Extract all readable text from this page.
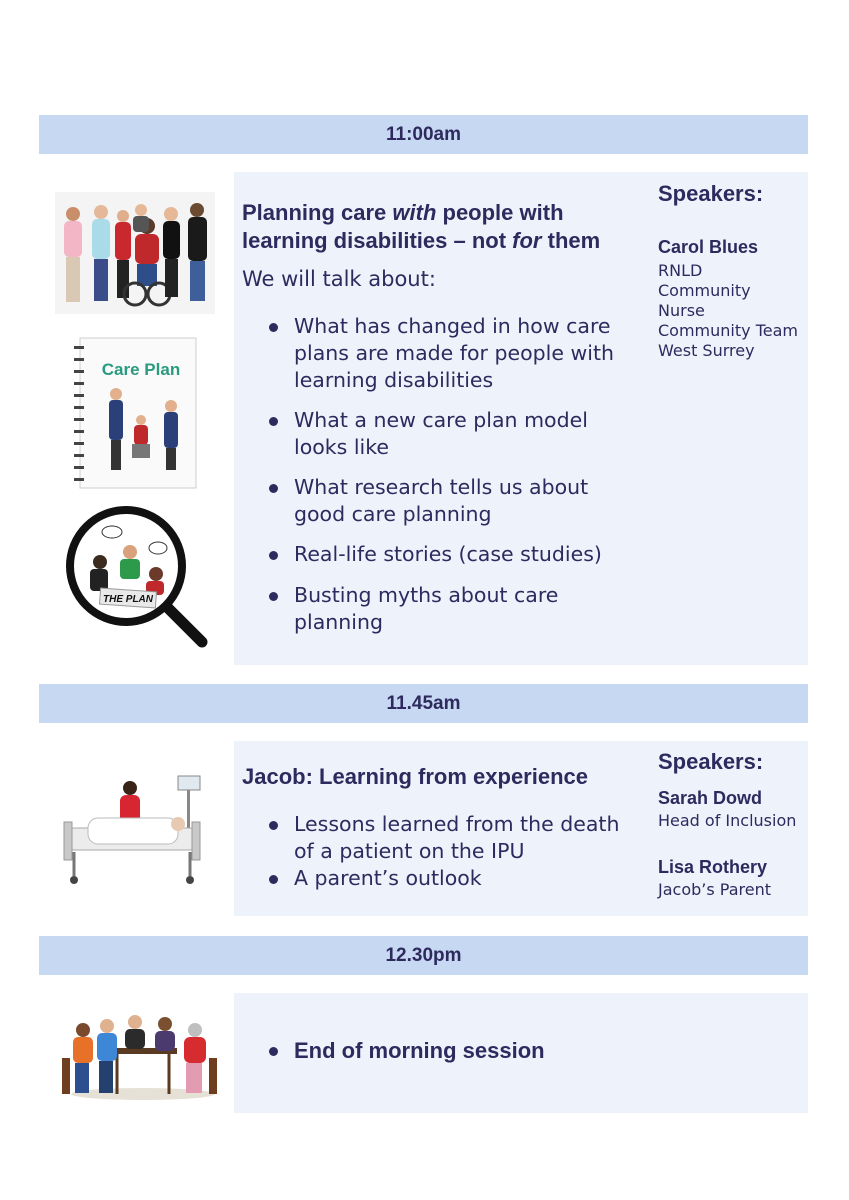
11:00am
Care Plan
THE PLAN
Planning care with people with
learning disabilities – not for them
We will talk about:
What has changed in how care
plans are made for people with
learning disabilities
What a new care plan model
looks like
What research tells us about
good care planning
Real-life stories (case studies)
Busting myths about care
planning
Speakers:
Carol Blues
RNLD
Community
Nurse
Community Team
West Surrey
11.45am
Jacob: Learning from experience
Lessons learned from the death
of a patient on the IPU
A parent’s outlook
Speakers:
Sarah Dowd
Head of Inclusion
Lisa Rothery
Jacob’s Parent
12.30pm
End of morning session
